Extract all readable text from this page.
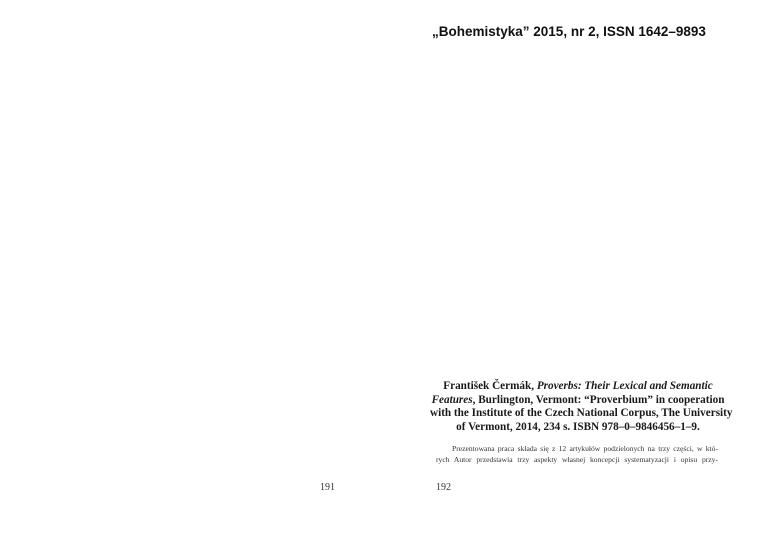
„Bohemistyka” 2015, nr 2, ISSN 1642–9893
František Čermák, Proverbs: Their Lexical and Semantic
Features, Burlington, Vermont: “Proverbium” in cooperation
with the Institute of the Czech National Corpus, The University
of Vermont, 2014, 234 s. ISBN 978–0–9846456–1–9.
Prezentowana praca składa się z 12 artykułów podzielonych na trzy części, w któ-
rych Autor przedstawia trzy aspekty własnej koncepcji systematyzacji i opisu przy-
191	192
